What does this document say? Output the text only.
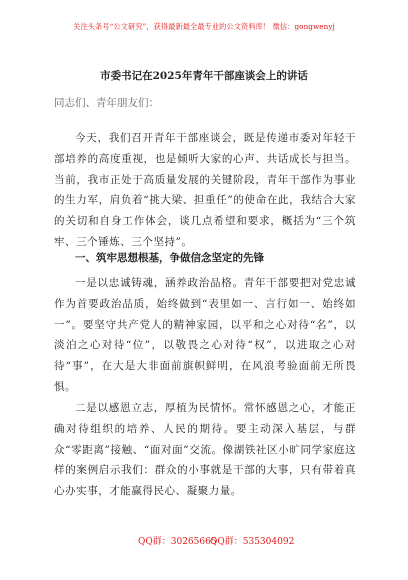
关注头条号“公文研究”，获得最新最全最专业的公文资料库！ 微信：gongwenyj
市委书记在2025年青年干部座谈会上的讲话
同志们、青年朋友们：

今天，我们召开青年干部座谈会，既是传递市委对年轻干部培养的高度重视，也是倾听大家的心声、共话成长与担当。当前，我市正处于高质量发展的关键阶段，青年干部作为事业的生力军，肩负着“挑大梁、担重任”的使命在此，我结合大家的关切和自身工作体会，谈几点希望和要求，概括为“三个筑牢、三个锤炼、三个坚持”。

一、筑牢思想根基，争做信念坚定的先锋

一是以忠诚铸魂，涵养政治品格。青年干部要把对党忠诚作为首要政治品质，始终做到“表里如一、言行如一、始终如一”。要坚守共产党人的精神家园，以平和之心对待“名”，以淡泊之心对待“位”，以敬畏之心对待“权”，以进取之心对待“事”，在大是大非面前旗帜鲜明，在风浪考验面前无所畏惧。

二是以感恩立志，厚植为民情怀。常怀感恩之心，才能正确对待组织的培养、人民的期待。要主动深入基层，与群众“零距离”接触、“面对面”交流。像湖铁社区小旷同学家庭这样的案例启示我们：群众的小事就是干部的大事，只有带着真心办实事，才能赢得民心、凝聚力量。

QQ群：30265665
QQ群：535304092
